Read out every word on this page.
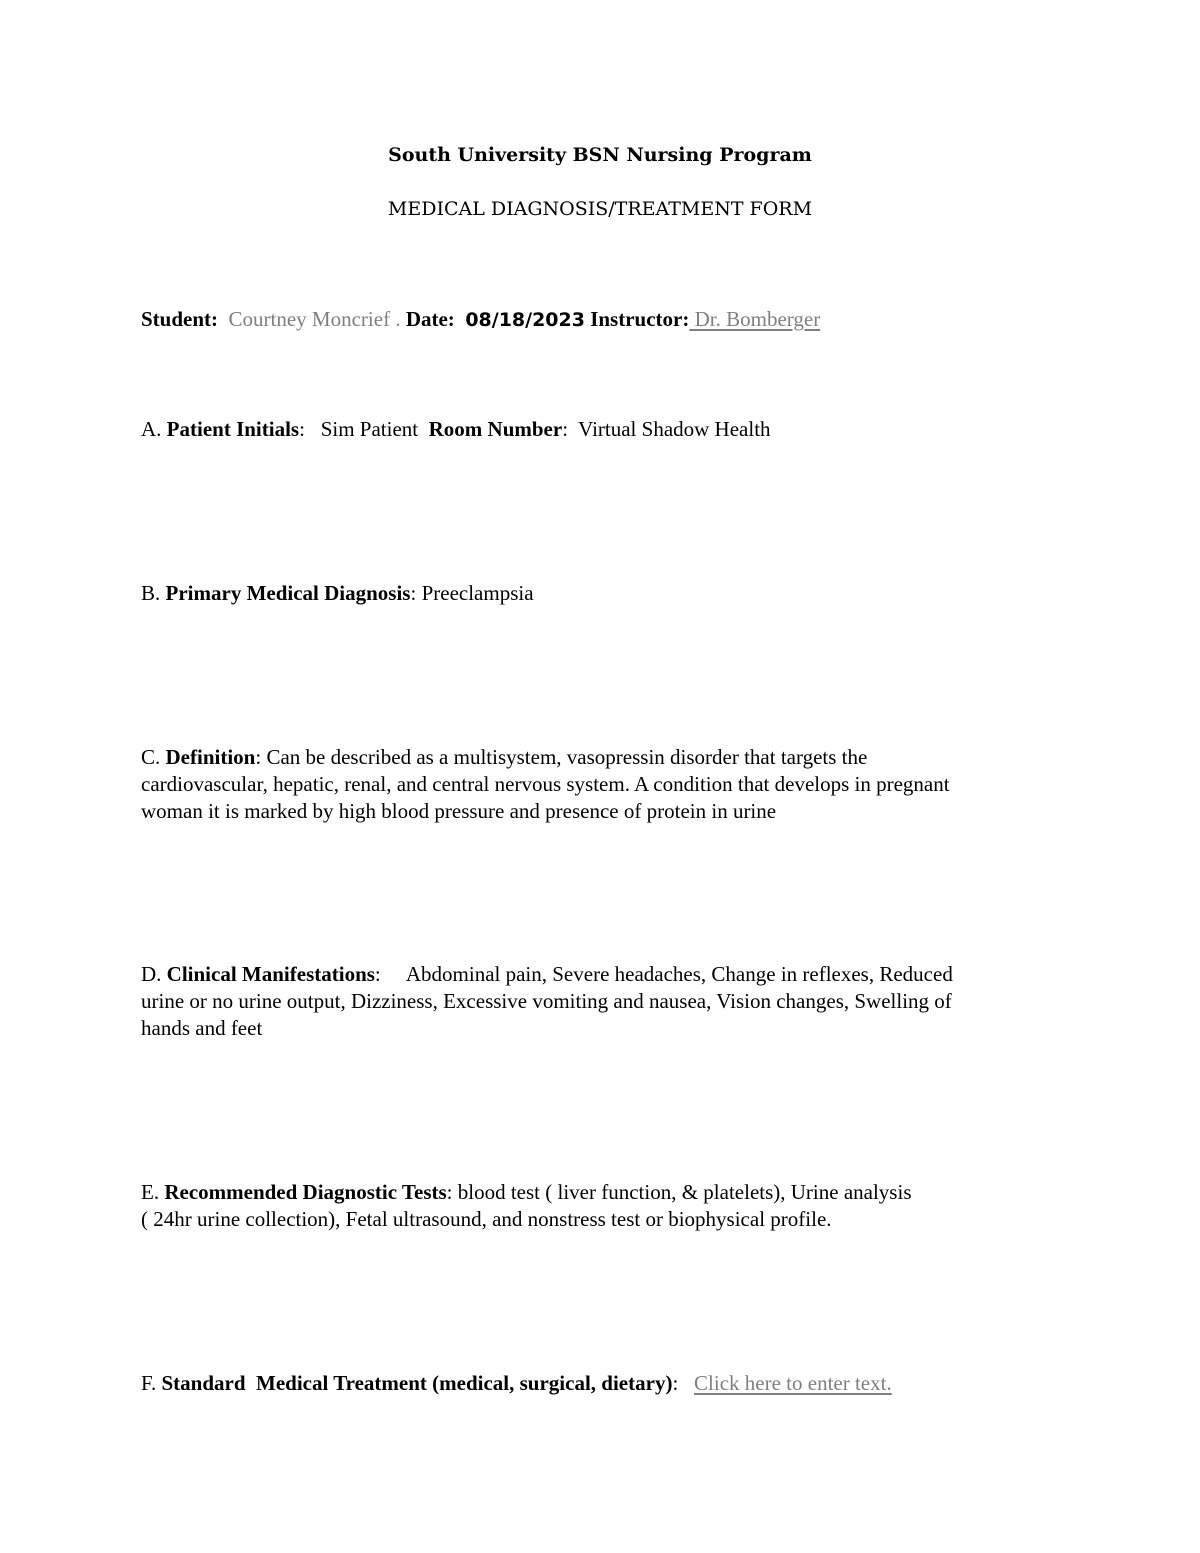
South University BSN Nursing Program
MEDICAL DIAGNOSIS/TREATMENT FORM
Student: Courtney Moncrief . Date: 08/18/2023 Instructor: Dr. Bomberger
A. Patient Initials:   Sim Patient Room Number:  Virtual Shadow Health
B. Primary Medical Diagnosis: Preeclampsia
C. Definition: Can be described as a multisystem, vasopressin disorder that targets the
cardiovascular, hepatic, renal, and central nervous system. A condition that develops in pregnant
woman it is marked by high blood pressure and presence of protein in urine
D. Clinical Manifestations:     Abdominal pain, Severe headaches, Change in reflexes, Reduced
urine or no urine output, Dizziness, Excessive vomiting and nausea, Vision changes, Swelling of
hands and feet
E. Recommended Diagnostic Tests: blood test ( liver function, & platelets), Urine analysis
( 24hr urine collection), Fetal ultrasound, and nonstress test or biophysical profile.
F. Standard  Medical Treatment (medical, surgical, dietary):   Click here to enter text.
